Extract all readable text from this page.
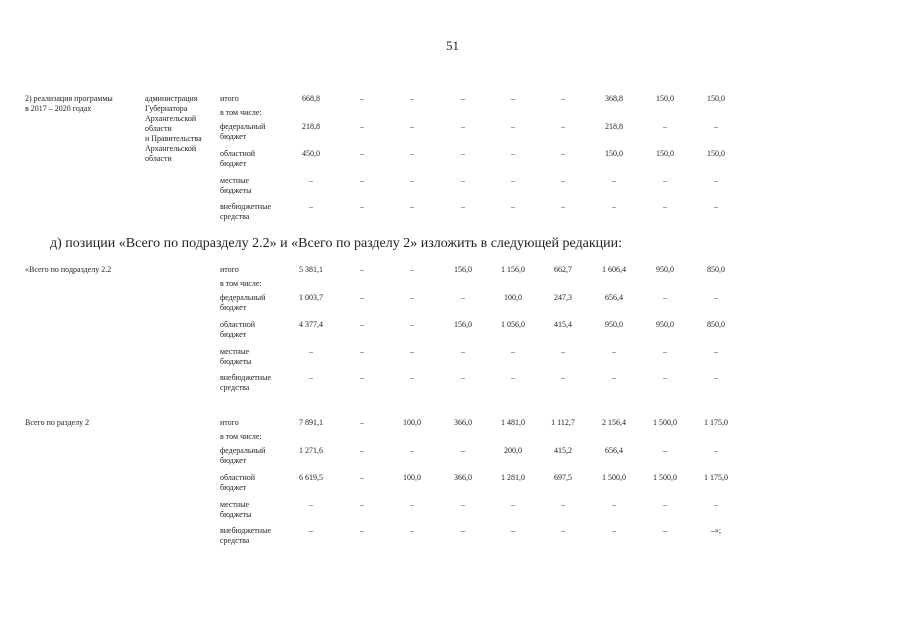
51
2) реализация программы
в 2017 – 2020 годах
администрация
Губернатора
Архангельской
области
и Правительства
Архангельской
области
итого	668,8	–	–	–	–	–	368,8	150,0	150,0
в том числе:
федеральный
бюджет
218,8	–	–	–	–	–	218,8	–	–
областной
бюджет
450,0	–	–	–	–	–	150,0	150,0	150,0
местные
бюджеты
–	–	–	–	–	–	–	–	–
внебюджетные
средства
–	–	–	–	–	–	–	–	–
д) позиции «Всего по подразделу 2.2» и «Всего по разделу 2» изложить в следующей редакции:
«Всего по подразделу 2.2	итого	5 381,1	–	–	156,0	1 156,0	662,7	1 606,4	950,0	850,0
в том числе:
федеральный
бюджет
1 003,7	–	–	–	100,0	247,3	656,4	–	–
областной
бюджет
4 377,4	–	–	156,0	1 056,0	415,4	950,0	950,0	850,0
местные
бюджеты
–	–	–	–	–	–	–	–	–
внебюджетные
средства
–	–	–	–	–	–	–	–	–
Всего по разделу 2	итого	7 891,1	–	100,0	366,0	1 481,0	1 112,7	2 156,4	1 500,0	1 175,0
в том числе:
федеральный
бюджет
1 271,6	–	–	–	200,0	415,2	656,4	–	–
областной
бюджет
6 619,5	–	100,0	366,0	1 281,0	697,5	1 500,0	1 500,0	1 175,0
местные
бюджеты
–	–	–	–	–	–	–	–	–
внебюджетные
средства
–	–	–	–	–	–	–	–	–»;
